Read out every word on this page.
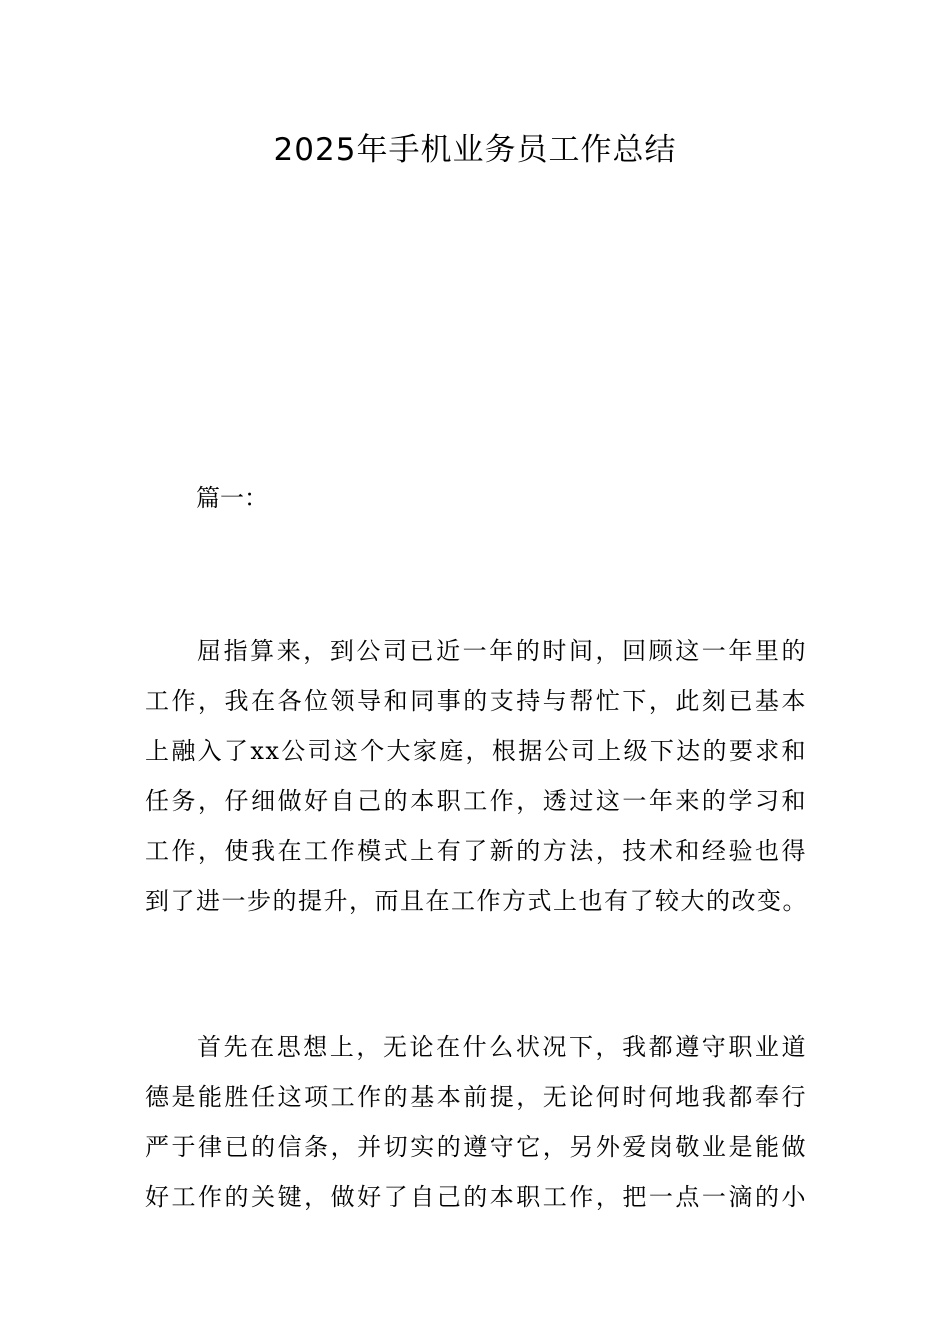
2025年手机业务员工作总结

篇一：

屈指算来，到公司已近一年的时间，回顾这一年里的
工作，我在各位领导和同事的支持与帮忙下，此刻已基本
上融入了xx公司这个大家庭，根据公司上级下达的要求和
任务，仔细做好自己的本职工作，透过这一年来的学习和
工作，使我在工作模式上有了新的方法，技术和经验也得
到了进一步的提升，而且在工作方式上也有了较大的改变。
首先在思想上，无论在什么状况下，我都遵守职业道
德是能胜任这项工作的基本前提，无论何时何地我都奉行
严于律已的信条，并切实的遵守它，另外爱岗敬业是能做
好工作的关键，做好了自己的本职工作，把一点一滴的小
